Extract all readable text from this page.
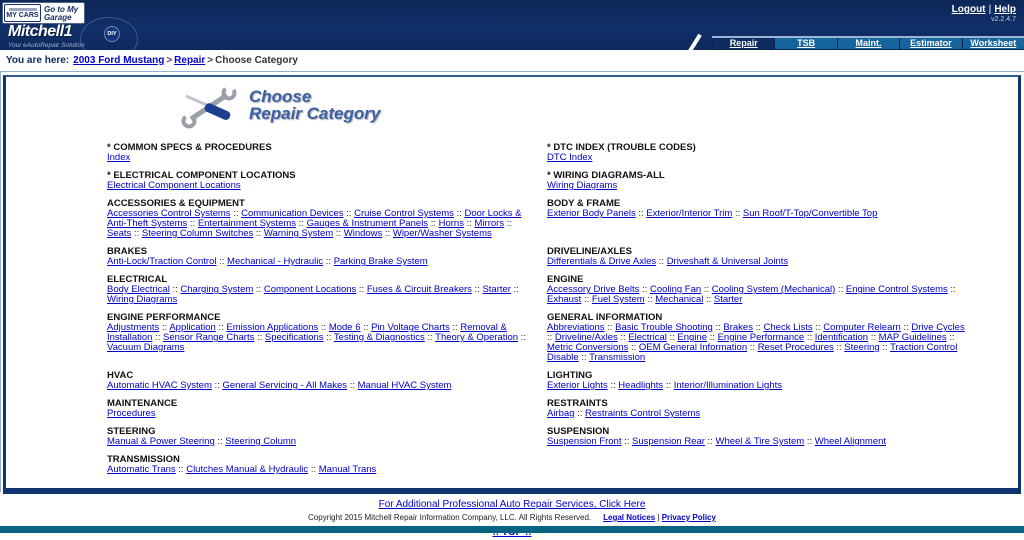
MY CARS
Go to My Garage
Logout | Help
v2.2.4.7
Mitchell1	DIY
Your eAutoRepair Solution	Repair	TSB	Maint.	Estimator	Worksheet
You are here: 2003 Ford Mustang > Repair > Choose Category
Choose
Repair Category
* COMMON SPECS & PROCEDURES
Index

* DTC INDEX (TROUBLE CODES)
DTC Index

* ELECTRICAL COMPONENT LOCATIONS
Electrical Component Locations

* WIRING DIAGRAMS-ALL
Wiring Diagrams

ACCESSORIES & EQUIPMENT
Accessories Control Systems :: Communication Devices :: Cruise Control Systems :: Door Locks & Anti-Theft Systems :: Entertainment Systems :: Gauges & Instrument Panels :: Horns :: Mirrors :: Seats :: Steering Column Switches :: Warning System :: Windows :: Wiper/Washer Systems

BODY & FRAME
Exterior Body Panels :: Exterior/Interior Trim :: Sun Roof/T-Top/Convertible Top

BRAKES
Anti-Lock/Traction Control :: Mechanical - Hydraulic :: Parking Brake System

DRIVELINE/AXLES
Differentials & Drive Axles :: Driveshaft & Universal Joints

ELECTRICAL
Body Electrical :: Charging System :: Component Locations :: Fuses & Circuit Breakers :: Starter :: Wiring Diagrams

ENGINE
Accessory Drive Belts :: Cooling Fan :: Cooling System (Mechanical) :: Engine Control Systems :: Exhaust :: Fuel System :: Mechanical :: Starter

ENGINE PERFORMANCE
Adjustments :: Application :: Emission Applications :: Mode 6 :: Pin Voltage Charts :: Removal & Installation :: Sensor Range Charts :: Specifications :: Testing & Diagnostics :: Theory & Operation :: Vacuum Diagrams

GENERAL INFORMATION
Abbreviations :: Basic Trouble Shooting :: Brakes :: Check Lists :: Computer Relearn :: Drive Cycles :: Driveline/Axles :: Electrical :: Engine :: Engine Performance :: Identification :: MAP Guidelines :: Metric Conversions :: OEM General Information :: Reset Procedures :: Steering :: Traction Control Disable :: Transmission

HVAC
Automatic HVAC System :: General Servicing - All Makes :: Manual HVAC System

LIGHTING
Exterior Lights :: Headlights :: Interior/Illumination Lights

MAINTENANCE
Procedures

RESTRAINTS
Airbag :: Restraints Control Systems

STEERING
Manual & Power Steering :: Steering Column

SUSPENSION
Suspension Front :: Suspension Rear :: Wheel & Tire System :: Wheel Alignment

TRANSMISSION
Automatic Trans :: Clutches Manual & Hydraulic :: Manual Trans	

For Additional Professional Auto Repair Services, Click Here
Copyright 2015 Mitchell Repair Information Company, LLC. All Rights Reserved. Legal Notices | Privacy Policy
